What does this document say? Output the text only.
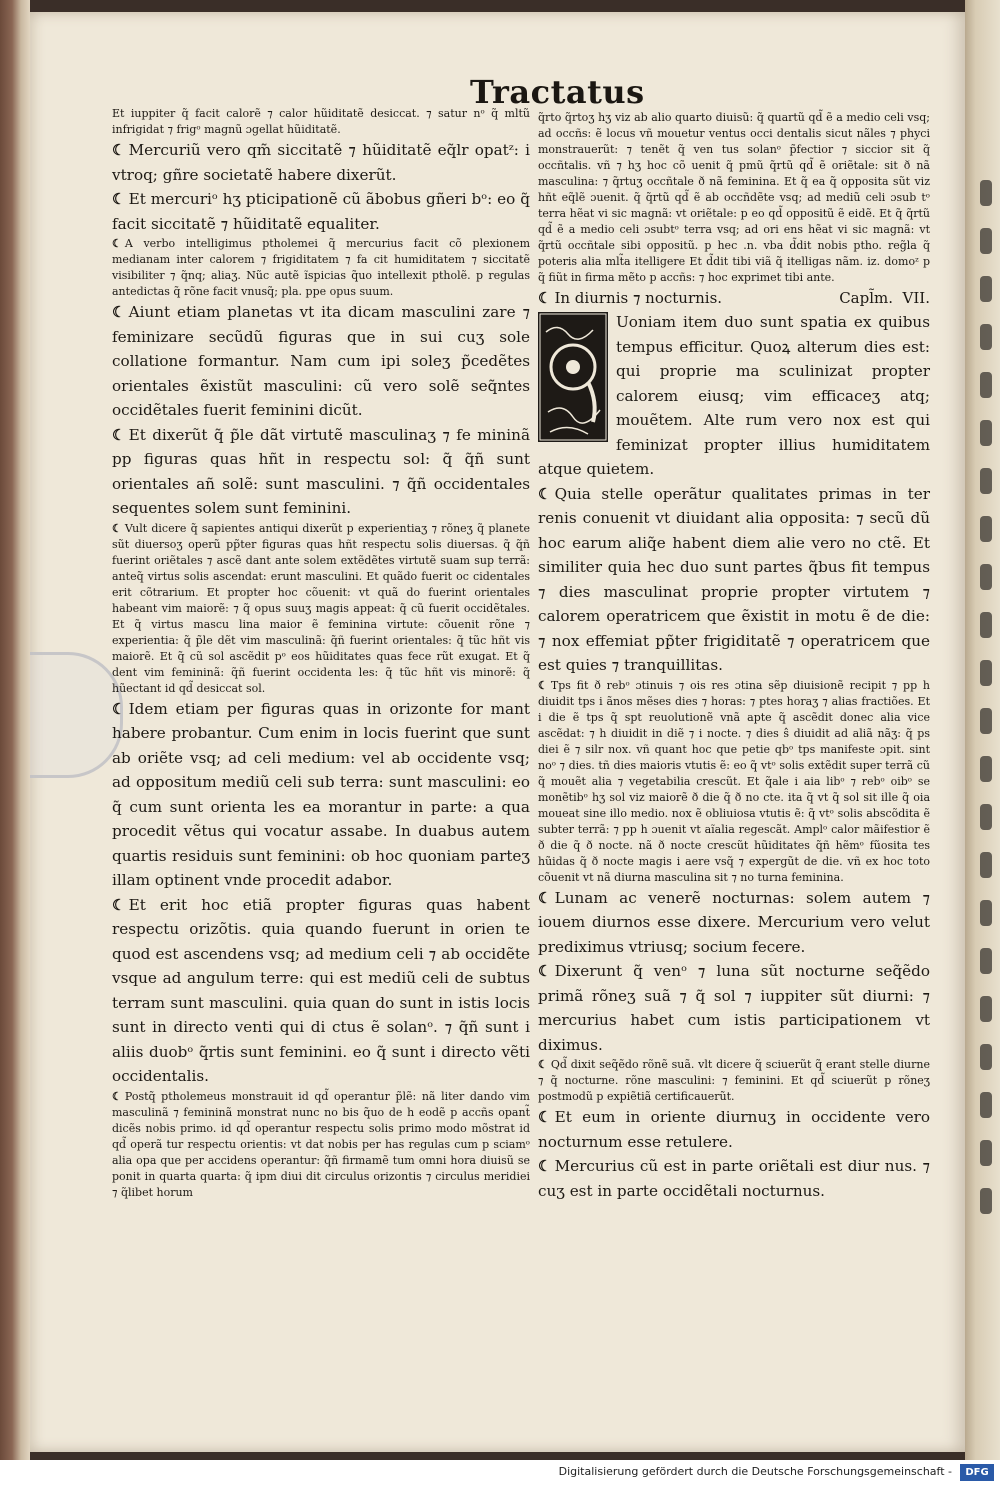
Tractatus

Et iuppiter q̃ facit calorẽ ⁊ calor hũiditatẽ desiccat. ⁊ satur nᵒ q̃ mltũ infrigidat ⁊ frigᵒ magnũ ɔgellat hũiditatẽ.

☾ Mercuriũ vero qm̃ siccitatẽ ⁊ hũiditatẽ eq̃lr opatᶻ: i vtroq; gñre societatẽ habere dixerũt.

☾ Et mercuriᵒ hʒ pticipationẽ cũ ãbobus gñeri bᵒ: eo q̃ facit siccitatẽ ⁊ hũiditatẽ equaliter.

☾ A verbo intelligimus ptholemei q̃ mercurius facit cõ plexionem medianam inter calorem ⁊ frigiditatem ⁊ fa cit humiditatem ⁊ siccitatẽ visibiliter ⁊ q̃nq; aliaʒ. Nũc autẽ ĩspicias q̃uo intellexit ptholẽ. p regulas antedictas q̃ rõne facit vnusq̃; pla. ppe opus suum.

☾ Aiunt etiam planetas vt ita dicam masculini zare ⁊ feminizare secũdũ figuras que in sui cuʒ sole collatione formantur. Nam cum ipi soleʒ p̃cedẽtes orientales ẽxistũt masculini: cũ vero solẽ seq̃ntes occidẽtales fuerit feminini dicũt.

☾ Et dixerũt q̃ p̃le dãt virtutẽ masculinaʒ ⁊ fe mininã pp figuras quas hñt in respectu sol: q̃ q̃ñ sunt orientales añ solẽ: sunt masculini. ⁊ q̃ñ occidentales sequentes solem sunt feminini.

☾ Vult dicere q̃ sapientes antiqui dixerũt p experientiaʒ ⁊ rõneʒ q̃ planete sũt diuersoʒ operũ pp̃ter figuras quas hñt respectu solis diuersas. q̃ q̃ñ fuerint oriẽtales ⁊ ascẽ dant ante solem extẽdẽtes virtutẽ suam sup terrã: anteq̃ virtus solis ascendat: erunt masculini. Et quãdo fuerit oc cidentales erit cõtrarium. Et propter hoc cõuenit: vt quã do fuerint orientales habeant vim maiorẽ: ⁊ q̃ opus suuʒ magis appeat: q̃ cũ fuerit occidẽtales. Et q̃ virtus mascu lina maior ẽ feminina virtute: cõuenit rõne ⁊ experientia: q̃ p̃le dẽt vim masculinã: q̃ñ fuerint orientales: q̃ tũc hñt vis maiorẽ. Et q̃ cũ sol ascẽdit pᵒ eos hũiditates quas fece rũt exugat. Et q̃ dent vim femininã: q̃ñ fuerint occidenta les: q̃ tũc hñt vis minorẽ: q̃ hũectant id qd̃ desiccat sol.

☾ Idem etiam per figuras quas in orizonte for mant habere probantur. Cum enim in locis fuerint que sunt ab oriẽte vsq; ad celi medium: vel ab occidente vsq; ad oppositum mediũ celi sub terra: sunt masculini: eo q̃ cum sunt orienta les ea morantur in parte: a qua procedit vẽtus qui vocatur assabe. In duabus autem quartis residuis sunt feminini: ob hoc quoniam parteʒ illam optinent vnde procedit adabor.

☾ Et erit hoc etiã propter figuras quas habent respectu orizõtis. quia quando fuerunt in orien te quod est ascendens vsq; ad medium celi ⁊ ab occidẽte vsque ad angulum terre: qui est mediũ celi de subtus terram sunt masculini. quia quan do sunt in istis locis sunt in directo venti qui di ctus ẽ solanᵒ. ⁊ q̃ñ sunt i aliis duobᵒ q̃rtis sunt feminini. eo q̃ sunt i directo vẽti occidentalis.

☾ Postq̃ ptholemeus monstrauit id qd̃ operantur p̃lẽ: nã liter dando vim masculinã ⁊ femininã monstrat nunc no bis q̃uo de h eodẽ p accñs opant̃ dicẽs nobis primo. id qd̃ operantur respectu solis primo modo mõstrat id qd̃ operã tur respectu orientis: vt dat nobis per has regulas cum p sciamᵒ alia opa que per accidens operantur: q̃ñ firmamẽ tum omni hora diuisũ se ponit in quarta quarta: q̃ ipm diui dit circulus orizontis ⁊ circulus meridiei ⁊ q̃libet horum

q̃rto q̃rtoʒ hʒ viz ab alio quarto diuisũ: q̃ quartũ qd̃ ẽ a medio celi vsq; ad occñs: ẽ locus vñ mouetur ventus occi dentalis sicut nãles ⁊ phyci monstrauerũt: ⁊ tenẽt q̃ ven tus solanᵒ p̃fectior ⁊ siccior sit q̃ occñtalis. vñ ⁊ hʒ hoc cõ uenit q̃ pmũ q̃rtũ qd̃ ẽ oriẽtale: sit ð nã masculina: ⁊ q̃rtuʒ occñtale ð nã feminina. Et q̃ ea q̃ opposita sũt viz hñt eq̃lẽ ɔuenit. q̃ q̃rtũ qd̃ ẽ ab occñdẽte vsq; ad mediũ celi ɔsub tᵒ terra hẽat vi sic magnã: vt oriẽtale: p eo qd̃ oppositũ ẽ eidẽ. Et q̃ q̃rtũ qd̃ ẽ a medio celi ɔsubtᵒ terra vsq; ad ori ens hẽat vi sic magnã: vt q̃rtũ occñtale sibi oppositũ. p hec .n. vba d̃dit nobis ptho. reg̃la q̃ poteris alia mlt̃a itelligere Et d̃dit tibi viã q̃ itelligas nãm. iz. domoᶻ p q̃ fiũt in firma mẽto p accñs: ⁊ hoc exprimet tibi ante.

☾ In diurnis ⁊ nocturnis.	Capl̃m. VII.

Uoniam item duo sunt spatia ex quibus tempus efficitur. Quoꝝ alterum dies est: qui proprie ma sculinizat propter calorem eiusq; vim efficaceʒ atq; mouẽtem. Alte rum vero nox est qui feminizat propter illius humiditatem atque quietem.

☾ Quia stelle operãtur qualitates primas in ter renis conuenit vt diuidant alia opposita: ⁊ secũ dũ hoc earum aliq̃e habent diem alie vero no ctẽ. Et similiter quia hec duo sunt partes q̃bus fit tempus ⁊ dies masculinat proprie propter virtutem ⁊ calorem operatricem que ẽxistit in motu ẽ de die: ⁊ nox effemiat pp̃ter frigiditatẽ ⁊ operatricem que est quies ⁊ tranquillitas.

☾ Tps fit ð rebᵒ ɔtinuis ⁊ ois res ɔtina sẽp diuisionẽ recipit ⁊ pp h diuidit tps i ãnos mẽses dies ⁊ horas: ⁊ ptes horaʒ ⁊ alias fractiões. Et i die ẽ tps q̃ spt reuolutionẽ vnã apte q̃ ascẽdit donec alia vice ascẽdat: ⁊ h diuidit in diẽ ⁊ i nocte. ⁊ dies ŝ diuidit ad aliã nãʒ: q̃ ps diei ẽ ⁊ silr nox. vñ quant hoc que petie qbᵒ tps manifeste ɔpit. sint noᵒ ⁊ dies. tñ dies maioris vtutis ẽ: eo q̃ vtᵒ solis extẽdit super terrã cũ q̃ mouẽt alia ⁊ vegetabilia crescũt. Et q̃ale i aia libᵒ ⁊ rebᵒ oibᵒ se monẽtibᵒ hʒ sol viz maiorẽ ð die q̃ ð no cte. ita q̃ vt q̃ sol sit ille q̃ oia moueat sine illo medio. nox ẽ obliuiosa vtutis ẽ: q̃ vtᵒ solis abscõdita ẽ subter terrã: ⁊ pp h ɔuenit vt aĩalia regescãt. Amplᵒ calor mãifestior ẽ ð die q̃ ð nocte. nã ð nocte crescũt hũiditates q̃ñ hẽmᵒ fũosita tes hũidas q̃ ð nocte magis i aere vsq̃ ⁊ expergũt de die. vñ ex hoc toto cõuenit vt nã diurna masculina sit ⁊ no turna feminina.

☾ Lunam ac venerẽ nocturnas: solem autem ⁊ iouem diurnos esse dixere. Mercurium vero velut prediximus vtriusq; socium fecere.

☾ Dixerunt q̃ venᵒ ⁊ luna sũt nocturne seq̃ẽdo primã rõneʒ suã ⁊ q̃ sol ⁊ iuppiter sũt diurni: ⁊ mercurius habet cum istis participationem vt diximus.

☾ Qd̃ dixit seq̃ẽdo rõnẽ suã. vlt dicere q̃ sciuerũt q̃ erant stelle diurne ⁊ q̃ nocturne. rõne masculini: ⁊ feminini. Et qd̃ sciuerũt p rõneʒ postmodũ p expiẽtiã certificauerũt.

☾ Et eum in oriente diurnuʒ in occidente vero nocturnum esse retulere.

☾ Mercurius cũ est in parte oriẽtali est diur nus. ⁊ cuʒ est in parte occidẽtali nocturnus.

Digitalisierung gefördert durch die Deutsche Forschungsgemeinschaft -	DFG
